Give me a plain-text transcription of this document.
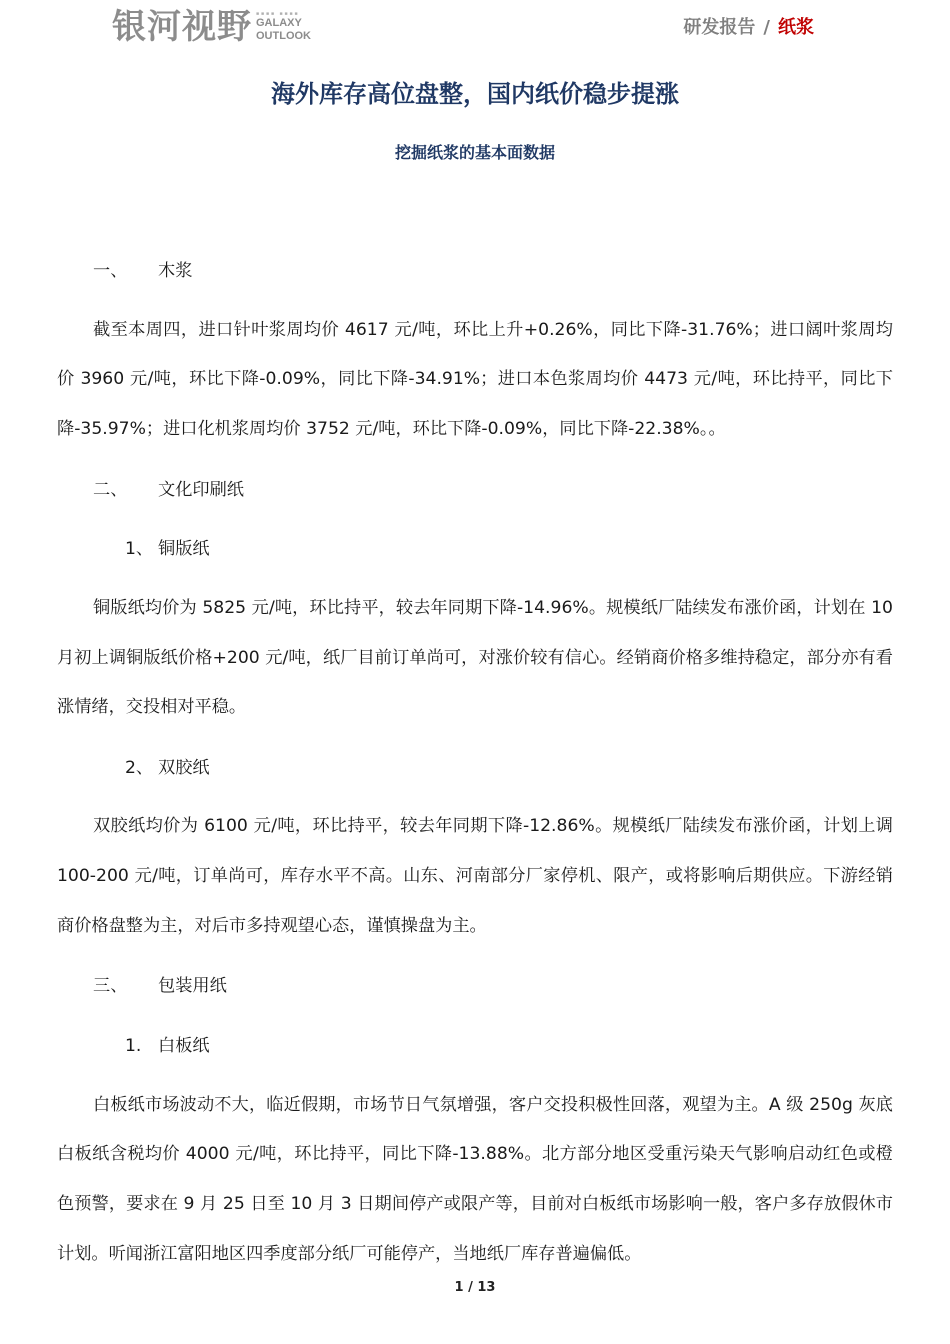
银河视野 ■■■■ ■■■■
GALAXY
OUTLOOK	研发报告 / 纸浆
海外库存高位盘整，国内纸价稳步提涨
挖掘纸浆的基本面数据
一、 木浆
截至本周四，进口针叶浆周均价 4617 元/吨，环比上升+0.26%，同比下降-31.76%；进口阔叶浆周均价 3960 元/吨，环比下降-0.09%，同比下降-34.91%；进口本色浆周均价 4473 元/吨，环比持平，同比下降-35.97%；进口化机浆周均价 3752 元/吨，环比下降-0.09%，同比下降-22.38%。。
二、 文化印刷纸
1、 铜版纸
铜版纸均价为 5825 元/吨，环比持平，较去年同期下降-14.96%。规模纸厂陆续发布涨价函，计划在 10 月初上调铜版纸价格+200 元/吨，纸厂目前订单尚可，对涨价较有信心。经销商价格多维持稳定，部分亦有看涨情绪，交投相对平稳。
2、 双胶纸
双胶纸均价为 6100 元/吨，环比持平，较去年同期下降-12.86%。规模纸厂陆续发布涨价函，计划上调 100-200 元/吨，订单尚可，库存水平不高。山东、河南部分厂家停机、限产，或将影响后期供应。下游经销商价格盘整为主，对后市多持观望心态，谨慎操盘为主。
三、 包装用纸
1. 白板纸
白板纸市场波动不大，临近假期，市场节日气氛增强，客户交投积极性回落，观望为主。A 级 250g 灰底白板纸含税均价 4000 元/吨，环比持平，同比下降-13.88%。北方部分地区受重污染天气影响启动红色或橙色预警，要求在 9 月 25 日至 10 月 3 日期间停产或限产等，目前对白板纸市场影响一般，客户多存放假休市计划。听闻浙江富阳地区四季度部分纸厂可能停产，当地纸厂库存普遍偏低。
1 / 13
